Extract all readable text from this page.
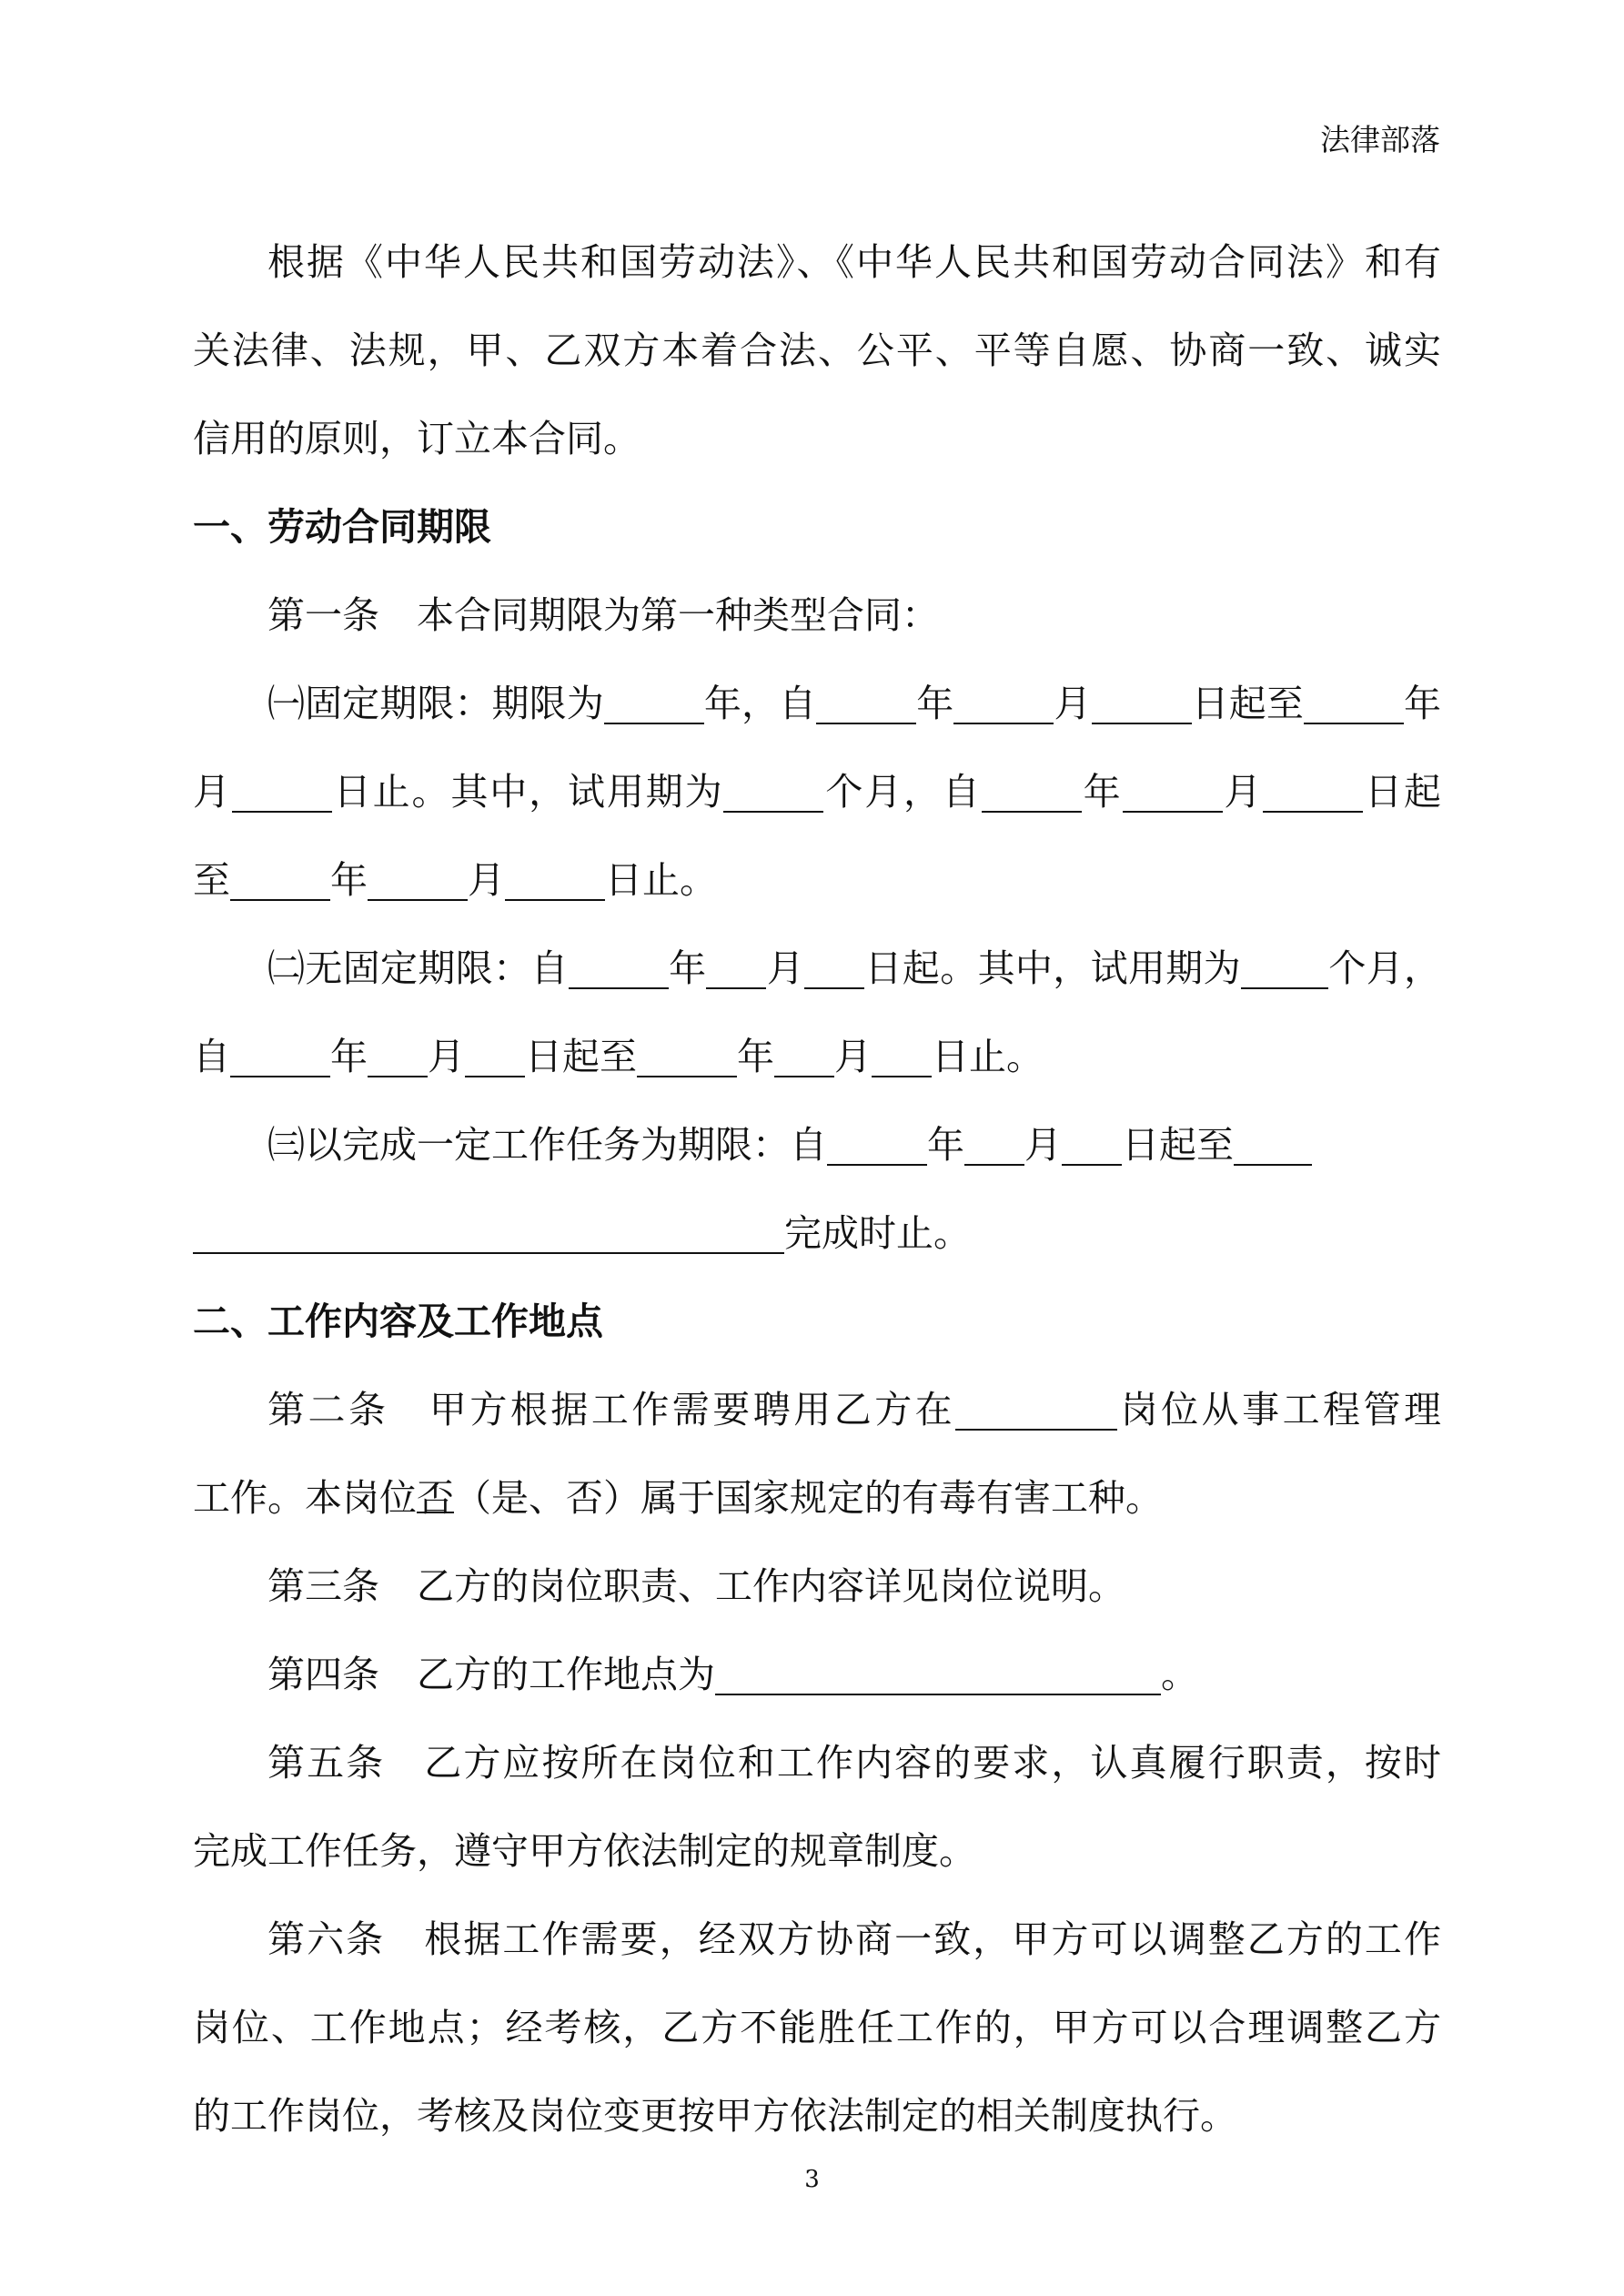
法律部落
根据《中华人民共和国劳动法》、《中华人民共和国劳动合同法》和有
关法律、法规，甲、乙双方本着合法、公平、平等自愿、协商一致、诚实
信用的原则，订立本合同。
一、劳动合同期限
第一条　本合同期限为第一种类型合同：
㈠固定期限：期限为	年，自	年	月	日起至	年
月	日止。其中，试用期为	个月，自	年	月	日起
至	年	月	日止。
㈡无固定期限：自	年 月 日起。其中，试用期为 个月，
自	年 月 日起至	年 月 日止。
㈢以完成一定工作任务为期限：自	年 月 日起至
完成时止。
二、工作内容及工作地点
第二条　甲方根据工作需要聘用乙方在	岗位从事工程管理
工作。本岗位否（是、否）属于国家规定的有毒有害工种。
第三条　乙方的岗位职责、工作内容详见岗位说明。
第四条　乙方的工作地点为	。
第五条　乙方应按所在岗位和工作内容的要求，认真履行职责，按时
完成工作任务，遵守甲方依法制定的规章制度。
第六条　根据工作需要，经双方协商一致，甲方可以调整乙方的工作
岗位、工作地点；经考核，乙方不能胜任工作的，甲方可以合理调整乙方
的工作岗位，考核及岗位变更按甲方依法制定的相关制度执行。
3
